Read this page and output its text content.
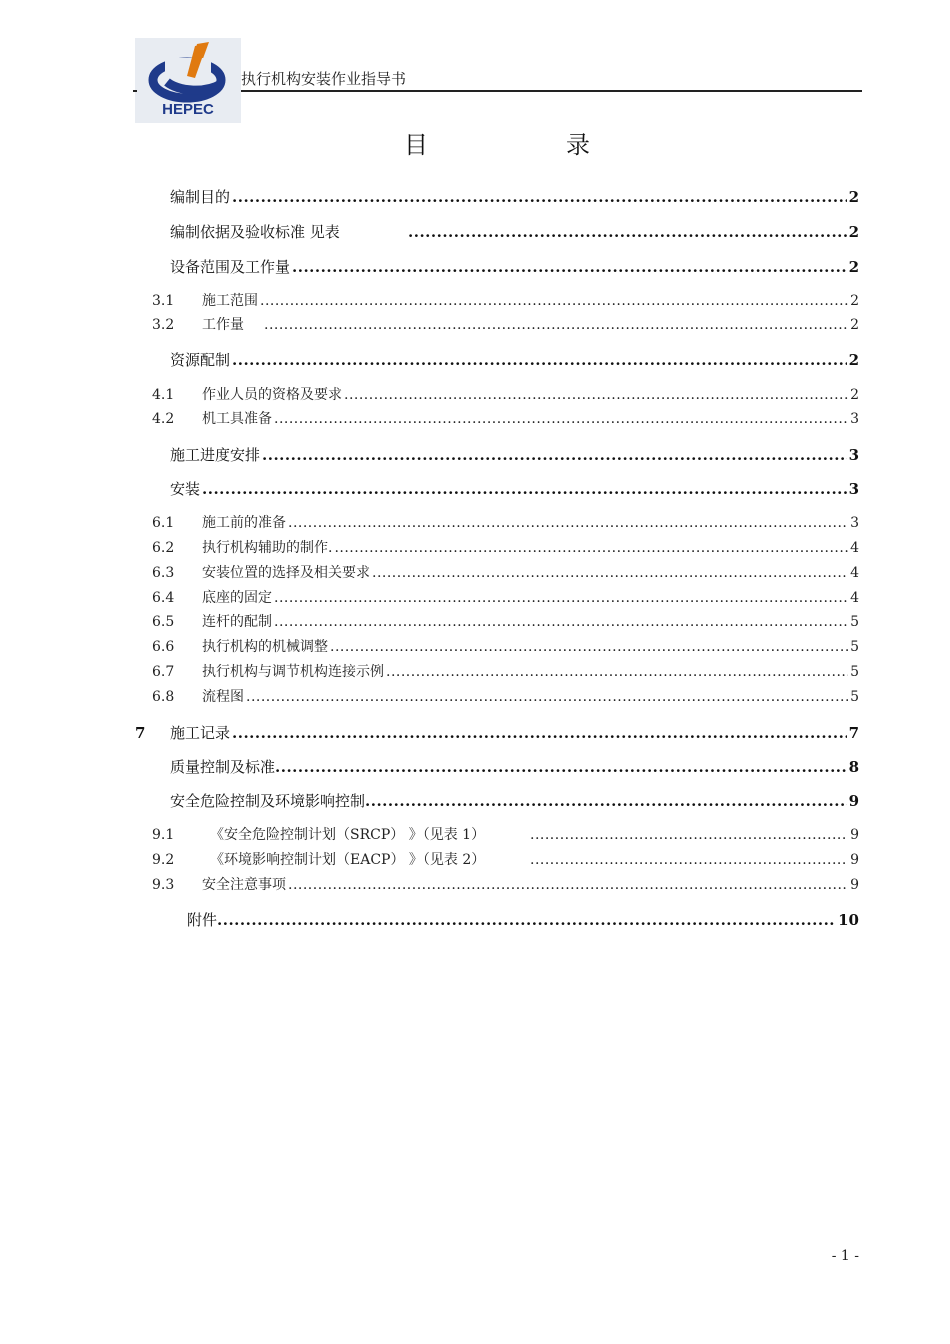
HEPEC
执行机构安装作业指导书
目	录
编制目的 .....	2
编制依据及验收标准 见表 .....	2
设备范围及工作量 .....	2
3.1	施工范围 .....	2
3.2	工作量 .....	2
资源配制 .....	2
4.1	作业人员的资格及要求 .....	2
4.2	机工具准备 .....	3
施工进度安排 .....	3
安装 .....	3
6.1	施工前的准备 .....	3
6.2	执行机构辅助的制作. .....	4
6.3	安装位置的选择及相关要求 .....	4
6.4	底座的固定 .....	4
6.5	连杆的配制 .....	5
6.6	执行机构的机械调整 .....	5
6.7	执行机构与调节机构连接示例 .....	5
6.8	流程图 .....	5
7	施工记录 .....	7
质量控制及标准 .....	8
安全危险控制及环境影响控制 .....	9
9.1	《安全危险控制计划（SRCP） 》（见表 1） .....	9
9.2	《环境影响控制计划（EACP） 》（见表 2） .....	9
9.3	安全注意事项 .....	9
附件 .....	10
- 1 -
